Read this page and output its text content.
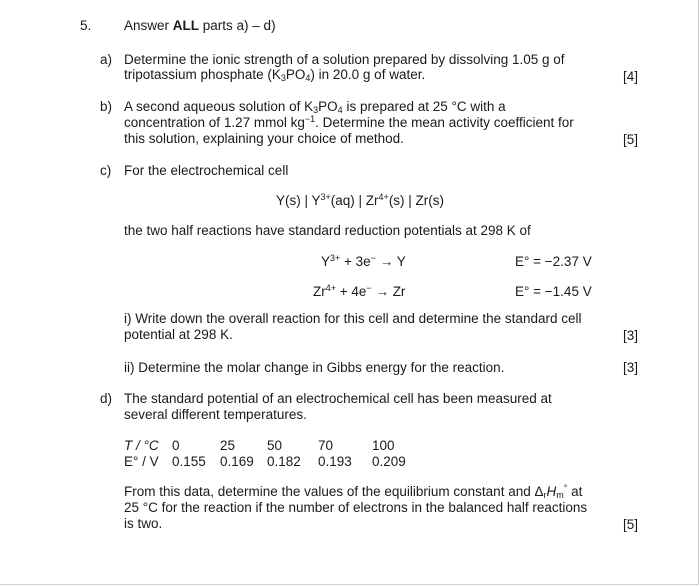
5. Answer ALL parts a) – d)
a) Determine the ionic strength of a solution prepared by dissolving 1.05 g of
tripotassium phosphate $(K_3PO_4)$ in 20.0 g of water.	[4]
b) A second aqueous solution of $K_3PO_4$ is prepared at 25 °C with a
concentration of 1.27 mmol $kg^{-1}$. Determine the mean activity coefficient for
this solution, explaining your choice of method.	[5]
c) For the electrochemical cell
Y(s) | $Y^{3+}(aq)$ | $Zr^{4+}(s)$ | Zr(s)
the two half reactions have standard reduction potentials at 298 K of
$Y^{3+} + 3e^- \to Y$	E° = −2.37 V
$Zr^{4+} + 4e^- \to Zr$	E° = −1.45 V
i) Write down the overall reaction for this cell and determine the standard cell
potential at 298 K.	[3]
ii) Determine the molar change in Gibbs energy for the reaction.	[3]
d) The standard potential of an electrochemical cell has been measured at
several different temperatures.
T / °C 0	25 50	70	100
E° / V 0.155 0.169 0.182 0.193 0.209
From this data, determine the values of the equilibrium constant and $\Delta_rH_m^\circ$ at
25 °C for the reaction if the number of electrons in the balanced half reactions
is two.	[5]
